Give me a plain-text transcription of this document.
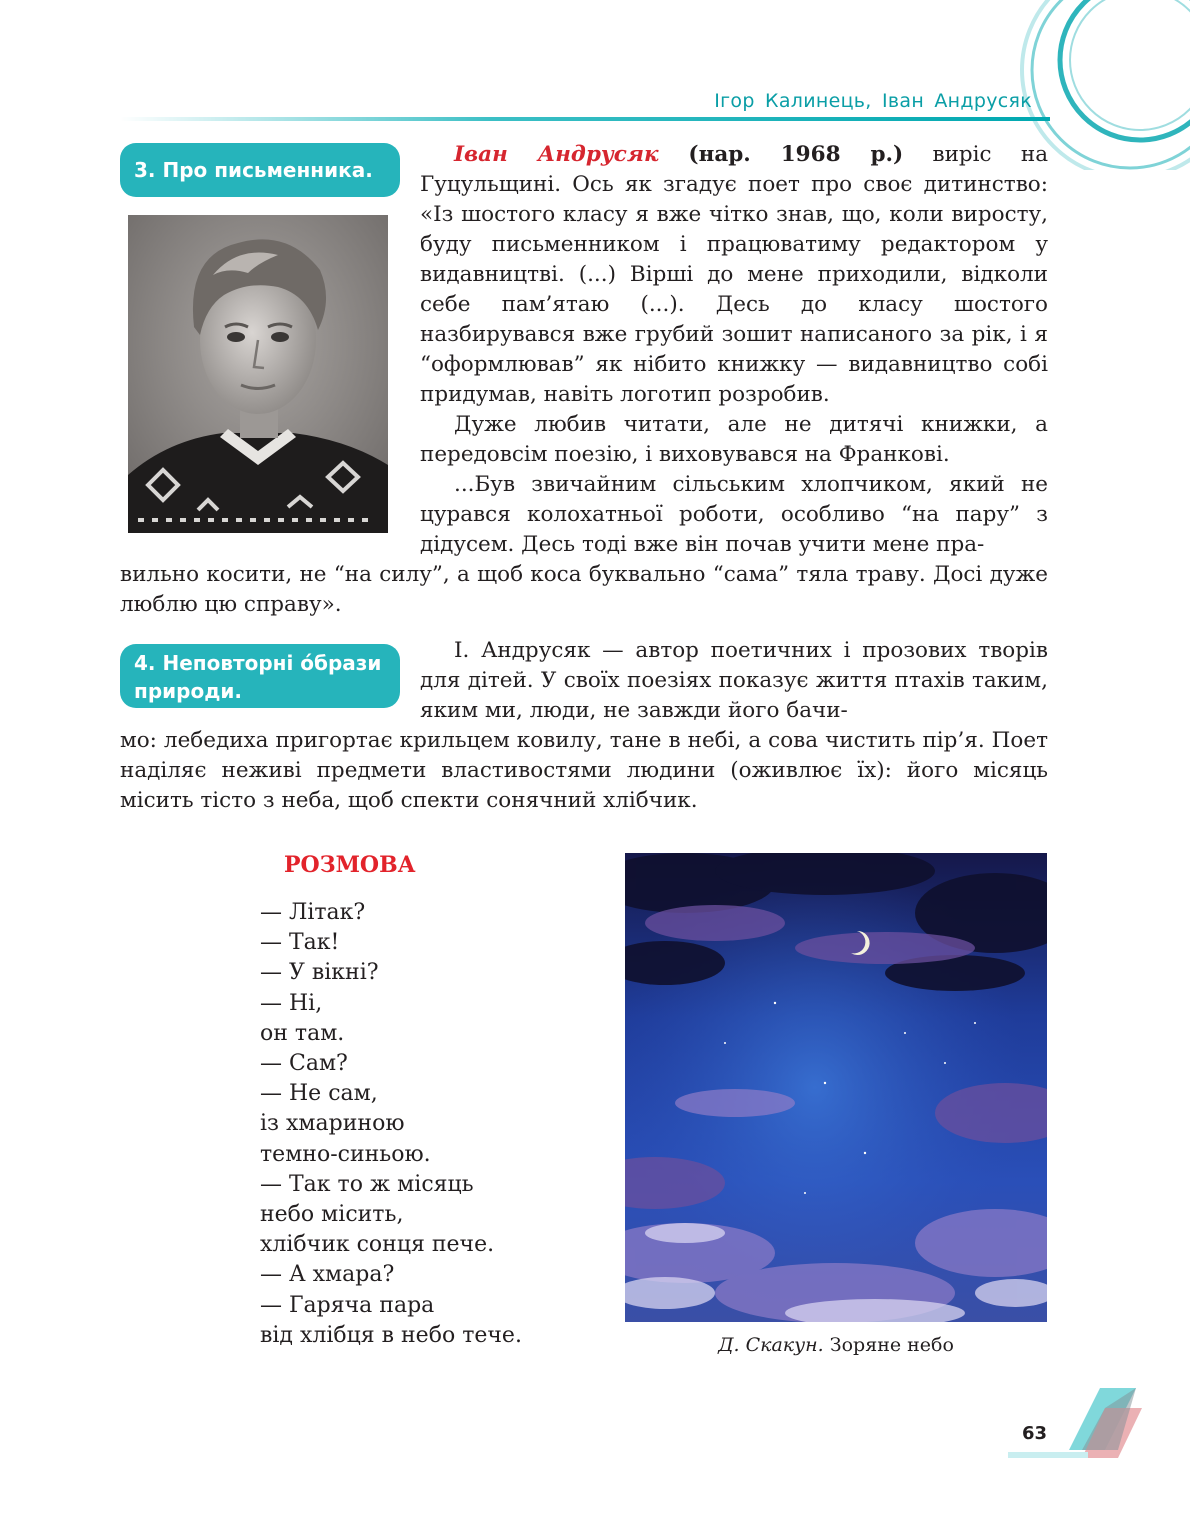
Ігор Калинець, Іван Андрусяк
3. Про письменника.

Іван Андрусяк (нар. 1968 р.) виріс на Гуцульщині. Ось як згадує поет про своє дитинство: «Із шостого класу я вже чітко знав, що, коли виросту, буду письменником і працюватиму редактором у видавництві. (...) Вірші до мене приходили, відколи себе пам’ятаю (...). Десь до класу шостого назбирувався вже грубий зошит написаного за рік, і я “оформлював” як нібито книжку — видавництво собі придумав, навіть логотип розробив.

Дуже любив читати, але не дитячі книжки, а передовсім поезію, і виховувався на Франкові.

...Був звичайним сільським хлопчиком, який не цурався колохатньої роботи, особливо “на пару” з дідусем. Десь тоді вже він почав учити мене пра-

вильно косити, не “на силу”, а щоб коса буквально “сама” тяла траву. Досі дуже люблю цю справу».
4. Неповторні óбрази
природи.

І. Андрусяк — автор поетичних і прозових творів для дітей. У своїх поезіях показує життя птахів таким, яким ми, люди, не завжди його бачи-

мо: лебедиха пригортає крильцем ковилу, тане в небі, а сова чистить пір’я. Поет наділяє неживі предмети властивостями людини (оживлює їх): його місяць місить тісто з неба, щоб спекти сонячний хлібчик.
РОЗМОВА
— Літак?
— Так!
— У вікні?
— Ні,
он там.
— Сам?
— Не сам,
із хмариною
темно-синьою.
— Так то ж місяць
небо місить,
хлібчик сонця пече.
— А хмара?
— Гаряча пара
від хлібця в небо тече.	Д. Скакун. Зоряне небо
63
